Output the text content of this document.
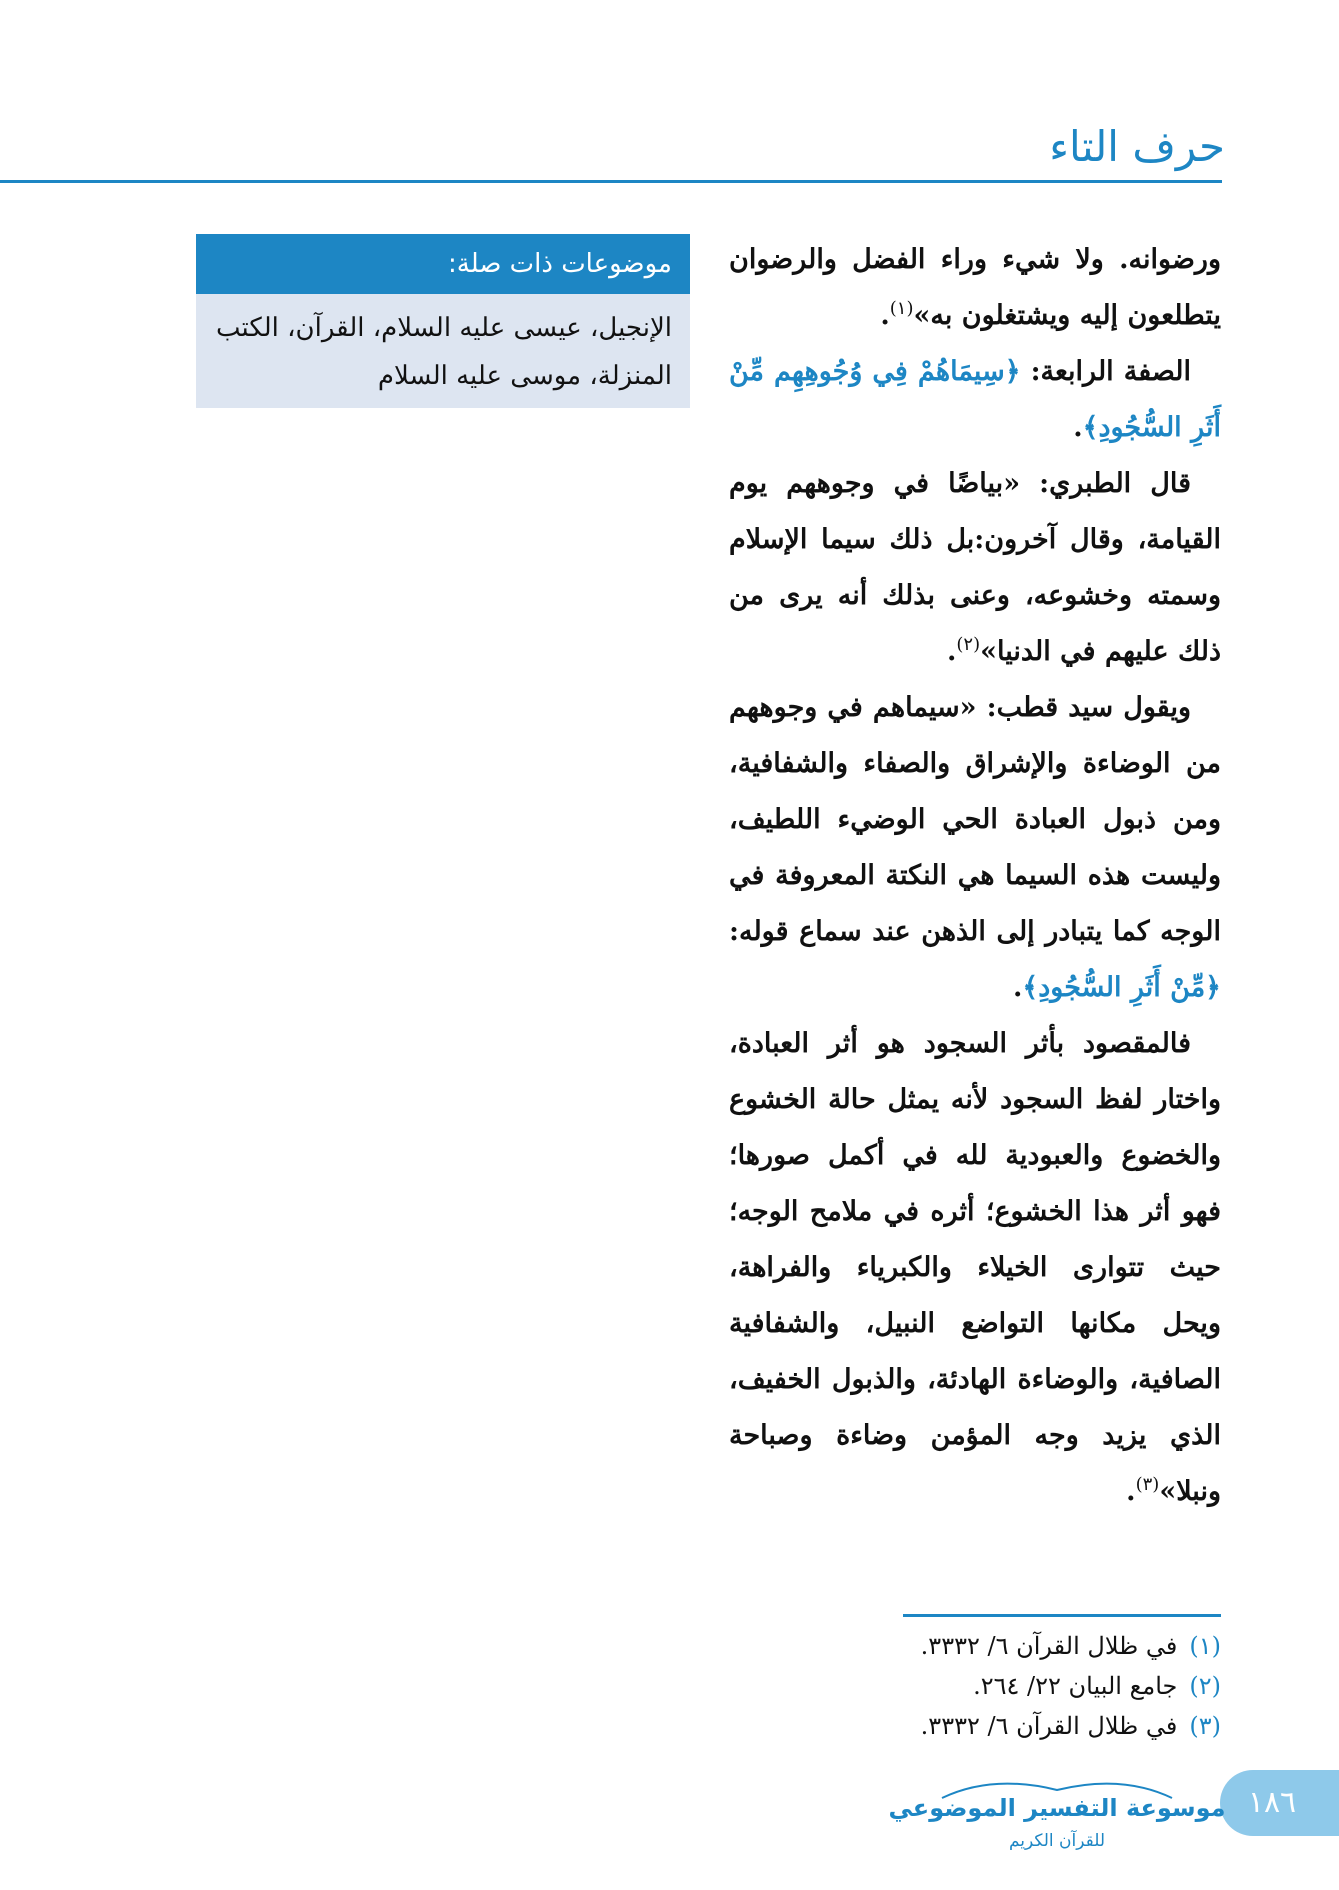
حرف التاء

ورضوانه. ولا شيء وراء الفضل والرضوان يتطلعون إليه ويشتغلون به»$^{(١)}$.

الصفة الرابعة: ﴿سِيمَاهُمْ فِي وُجُوهِهِم مِّنْ أَثَرِ السُّجُودِ﴾.

قال الطبري: «بياضًا في وجوههم يوم القيامة، وقال آخرون:بل ذلك سيما الإسلام وسمته وخشوعه، وعنى بذلك أنه يرى من ذلك عليهم في الدنيا»$^{(٢)}$.

ويقول سيد قطب: «سيماهم في وجوههم من الوضاءة والإشراق والصفاء والشفافية، ومن ذبول العبادة الحي الوضيء اللطيف، وليست هذه السيما هي النكتة المعروفة في الوجه كما يتبادر إلى الذهن عند سماع قوله: ﴿مِّنْ أَثَرِ السُّجُودِ﴾.

فالمقصود بأثر السجود هو أثر العبادة، واختار لفظ السجود لأنه يمثل حالة الخشوع والخضوع والعبودية لله في أكمل صورها؛ فهو أثر هذا الخشوع؛ أثره في ملامح الوجه؛ حيث تتوارى الخيلاء والكبرياء والفراهة، ويحل مكانها التواضع النبيل، والشفافية الصافية، والوضاءة الهادئة، والذبول الخفيف، الذي يزيد وجه المؤمن وضاءة وصباحة ونبلا»$^{(٣)}$.

موضوعات ذات صلة:
الإنجيل، عيسى عليه السلام، القرآن، الكتب المنزلة، موسى عليه السلام
(١)في ظلال القرآن ٦/ ٣٣٣٢.
(٢)جامع البيان ٢٢/ ٢٦٤.
(٣)في ظلال القرآن ٦/ ٣٣٣٢.
١٨٦
موسوعة التفسير الموضوعي
للقرآن الكريم
